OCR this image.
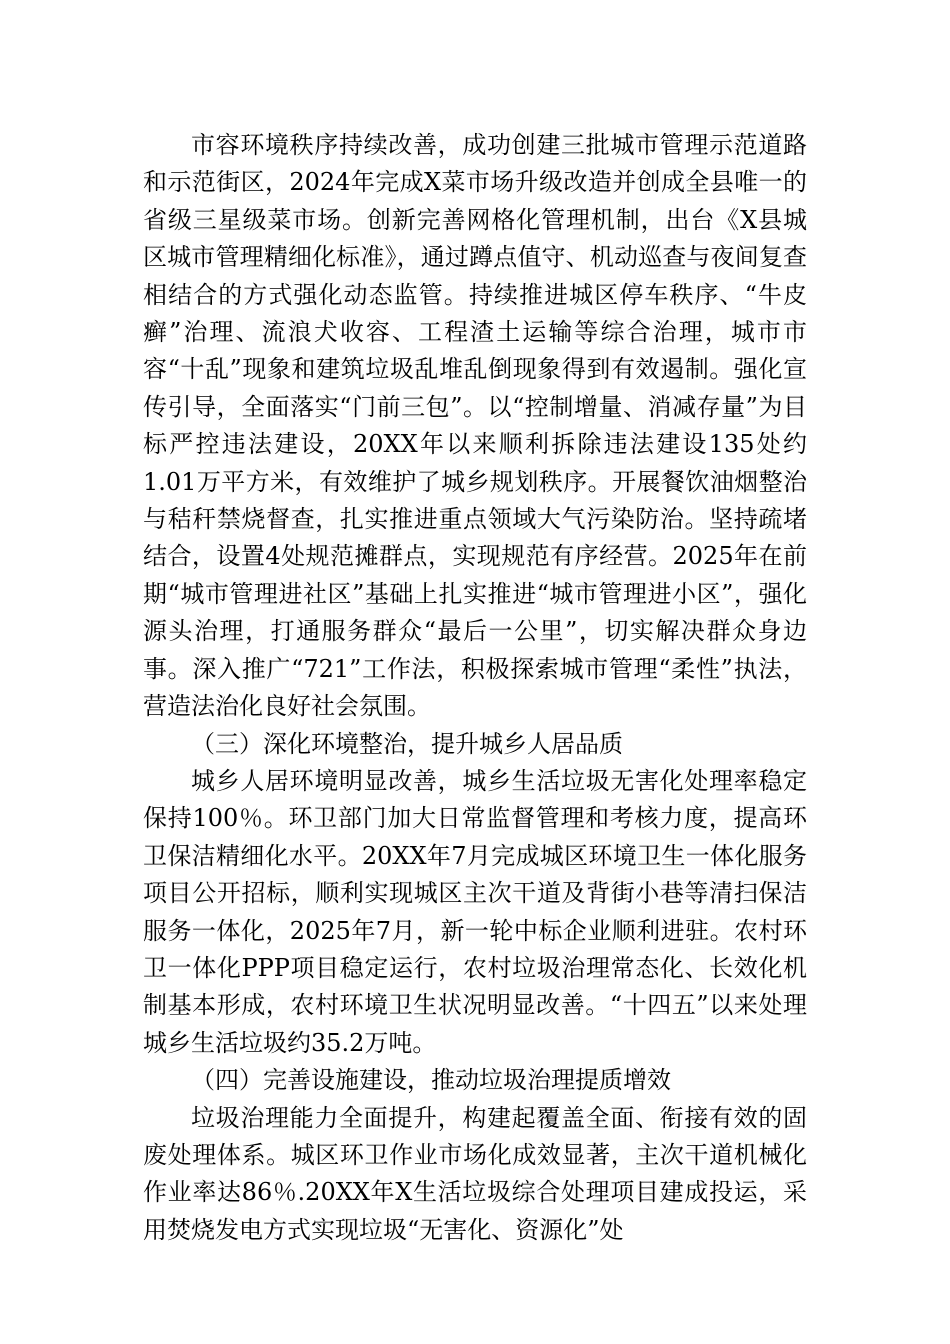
市容环境秩序持续改善，成功创建三批城市管理示范道路和示范街区，2024年完成X菜市场升级改造并创成全县唯一的省级三星级菜市场。创新完善网格化管理机制，出台《X县城区城市管理精细化标准》，通过蹲点值守、机动巡查与夜间复查相结合的方式强化动态监管。持续推进城区停车秩序、“牛皮癣”治理、流浪犬收容、工程渣土运输等综合治理，城市市容“十乱”现象和建筑垃圾乱堆乱倒现象得到有效遏制。强化宣传引导，全面落实“门前三包”。以“控制增量、消减存量”为目标严控违法建设，20XX年以来顺利拆除违法建设135处约1.01万平方米，有效维护了城乡规划秩序。开展餐饮油烟整治与秸秆禁烧督查，扎实推进重点领域大气污染防治。坚持疏堵结合，设置4处规范摊群点，实现规范有序经营。2025年在前期“城市管理进社区”基础上扎实推进“城市管理进小区”，强化源头治理，打通服务群众“最后一公里”，切实解决群众身边事。深入推广“721”工作法，积极探索城市管理“柔性”执法，营造法治化良好社会氛围。

（三）深化环境整治，提升城乡人居品质

城乡人居环境明显改善，城乡生活垃圾无害化处理率稳定保持100％。环卫部门加大日常监督管理和考核力度，提高环卫保洁精细化水平。20XX年7月完成城区环境卫生一体化服务项目公开招标，顺利实现城区主次干道及背街小巷等清扫保洁服务一体化，2025年7月，新一轮中标企业顺利进驻。农村环卫一体化PPP项目稳定运行，农村垃圾治理常态化、长效化机制基本形成，农村环境卫生状况明显改善。“十四五”以来处理城乡生活垃圾约35.2万吨。

（四）完善设施建设，推动垃圾治理提质增效

垃圾治理能力全面提升，构建起覆盖全面、衔接有效的固废处理体系。城区环卫作业市场化成效显著，主次干道机械化作业率达86％.20XX年X生活垃圾综合处理项目建成投运，采用焚烧发电方式实现垃圾“无害化、资源化”处
